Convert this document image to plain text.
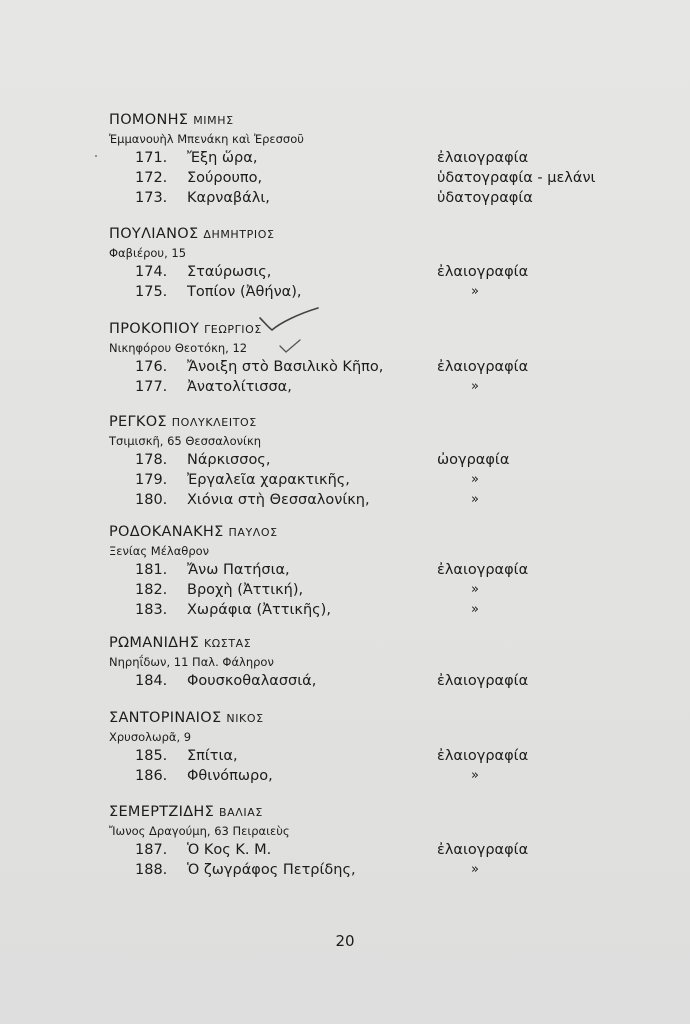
ΠΟΜΟΝΗΣ ΜΙΜΗΣ
Ἐμμανουὴλ Μπενάκη καὶ Ἐρεσσοῦ
171. Ἔξη ὥρα,	ἐλαιογραφία
172. Σούρουπο,	ὑδατογραφία - μελάνι
173. Καρναβάλι,	ὑδατογραφία
ΠΟΥΛΙΑΝΟΣ ΔΗΜΗΤΡΙΟΣ
Φαβιέρου, 15
174. Σταύρωσις,	ἐλαιογραφία
175. Τοπίον (Ἀθήνα),	»
ΠΡΟΚΟΠΙΟΥ ΓΕΩΡΓΙΟΣ
Νικηφόρου Θεοτόκη, 12
176. Ἄνοιξη στὸ Βασιλικὸ Κῆπο,	ἐλαιογραφία
177. Ἀνατολίτισσα,	»
ΡΕΓΚΟΣ ΠΟΛΥΚΛΕΙΤΟΣ
Τσιμισκῆ, 65 Θεσσαλονίκη
178. Νάρκισσος,	ὠογραφία
179. Ἐργαλεῖα χαρακτικῆς,	»
180. Χιόνια στὴ Θεσσαλονίκη,	»
ΡΟΔΟΚΑΝΑΚΗΣ ΠΑΥΛΟΣ
Ξενίας Μέλαθρον
181. Ἄνω Πατήσια,	ἐλαιογραφία
182. Βροχὴ (Ἀττική),	»
183. Χωράφια (Ἀττικῆς),	»
ΡΩΜΑΝΙΔΗΣ ΚΩΣΤΑΣ
Νηρηΐδων, 11 Παλ. Φάληρον
184. Φουσκοθαλασσιά,	ἐλαιογραφία
ΣΑΝΤΟΡΙΝΑΙΟΣ ΝΙΚΟΣ
Χρυσολωρᾶ, 9
185. Σπίτια,	ἐλαιογραφία
186. Φθινόπωρο,	»
ΣΕΜΕΡΤΖΙΔΗΣ ΒΑΛΙΑΣ
Ἴωνος Δραγούμη, 63 Πειραιεὺς
187. Ὁ Κος Κ. Μ.	ἐλαιογραφία
188. Ὁ ζωγράφος Πετρίδης,	»
20
